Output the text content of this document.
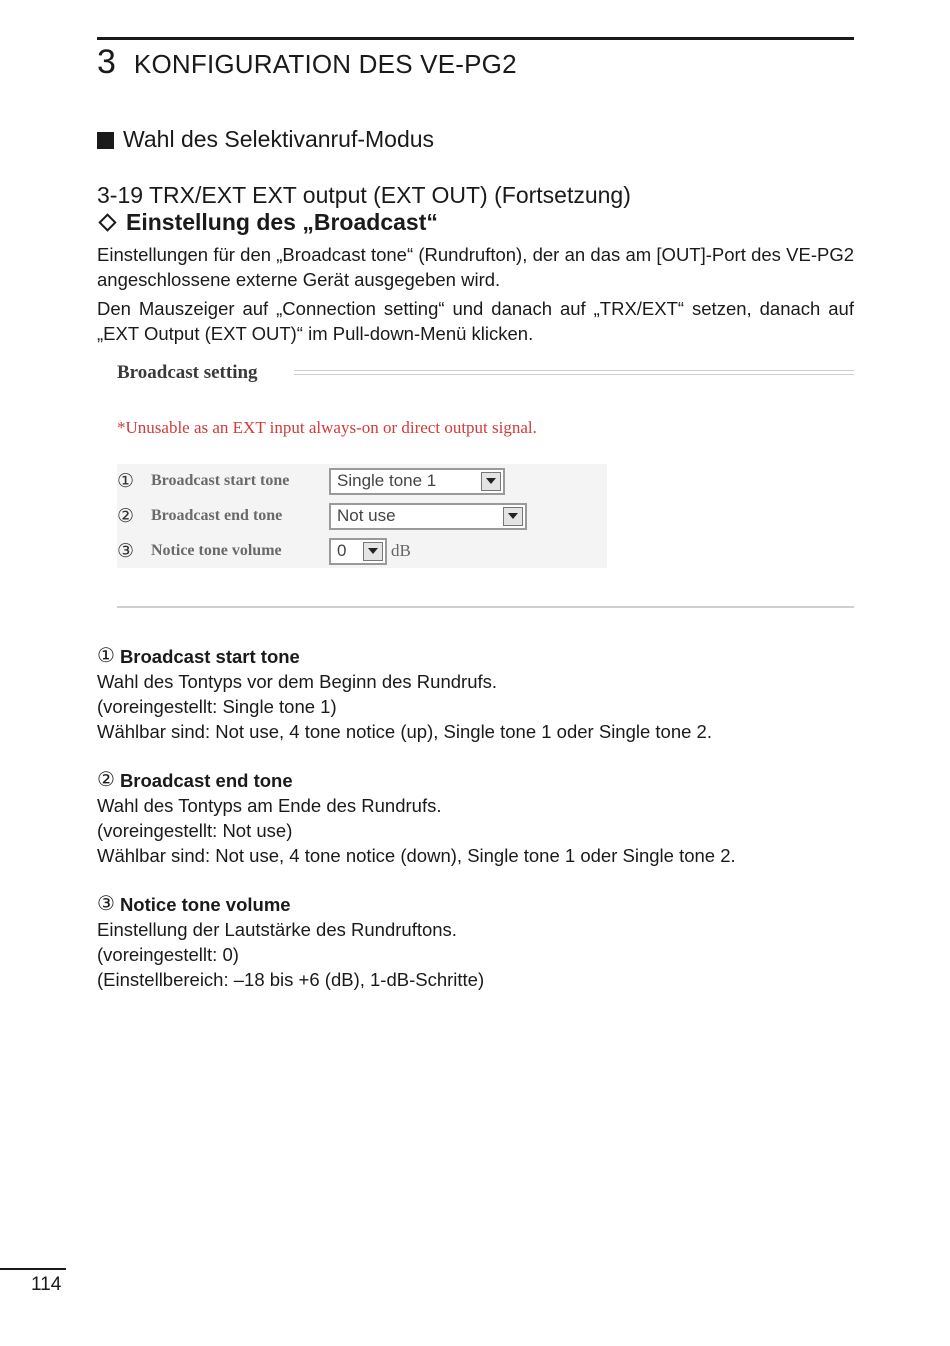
3 KONFIGURATION DES VE-PG2
Wahl des Selektivanruf-Modus
3-19 TRX/EXT EXT output (EXT OUT) (Fortsetzung)
Einstellung des „Broadcast“

Einstellungen für den „Broadcast tone“ (Rundrufton), der an das am [OUT]-Port des VE-PG2 angeschlossene externe Gerät ausgegeben wird.

Den Mauszeiger auf „Connection setting“ und danach auf „TRX/EXT“ setzen, danach auf „EXT Output (EXT OUT)“ im Pull-down-Menü klicken.

Broadcast setting
*Unusable as an EXT input always-on or direct output signal.
①	Broadcast start tone	Single tone 1
②	Broadcast end tone	Not use
③	Notice tone volume	0	dB
① Broadcast start tone
Wahl des Tontyps vor dem Beginn des Rundrufs.
(voreingestellt: Single tone 1)
Wählbar sind: Not use, 4 tone notice (up), Single tone 1 oder Single tone 2.
② Broadcast end tone
Wahl des Tontyps am Ende des Rundrufs.
(voreingestellt: Not use)
Wählbar sind: Not use, 4 tone notice (down), Single tone 1 oder Single tone 2.
③ Notice tone volume
Einstellung der Lautstärke des Rundruftons.
(voreingestellt: 0)
(Einstellbereich: –18 bis +6 (dB), 1-dB-Schritte)
114
